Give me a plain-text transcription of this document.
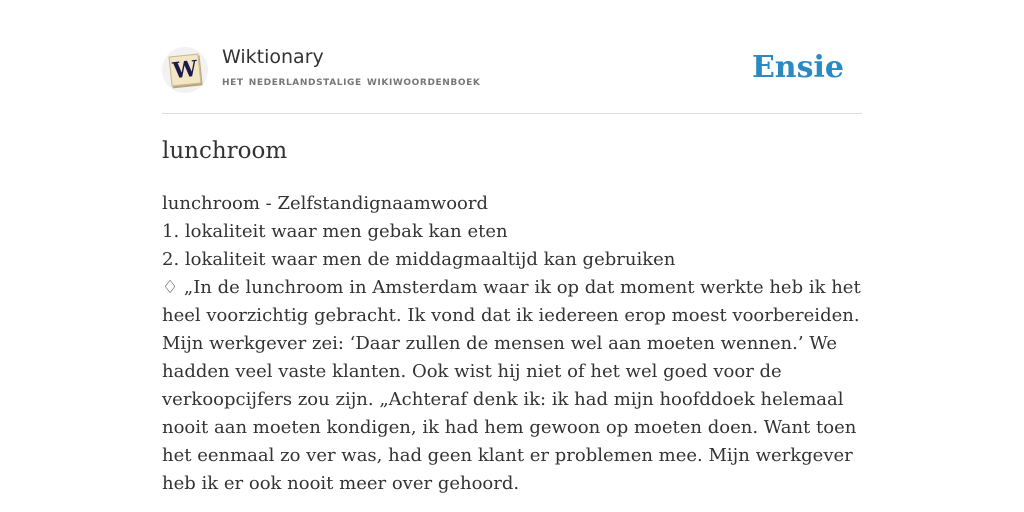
W Wiktionary
het nederlandstalige wikiwoordenboek	Ensie
lunchroom
lunchroom - Zelfstandignaamwoord
1. lokaliteit waar men gebak kan eten
2. lokaliteit waar men de middagmaaltijd kan gebruiken
♢ „In de lunchroom in Amsterdam waar ik op dat moment werkte heb ik het heel voorzichtig gebracht. Ik vond dat ik iedereen erop moest voorbereiden. Mijn werkgever zei: ‘Daar zullen de mensen wel aan moeten wennen.’ We hadden veel vaste klanten. Ook wist hij niet of het wel goed voor de verkoopcijfers zou zijn. „Achteraf denk ik: ik had mijn hoofddoek helemaal nooit aan moeten kondigen, ik had hem gewoon op moeten doen. Want toen het eenmaal zo ver was, had geen klant er problemen mee. Mijn werkgever heb ik er ook nooit meer over gehoord.
